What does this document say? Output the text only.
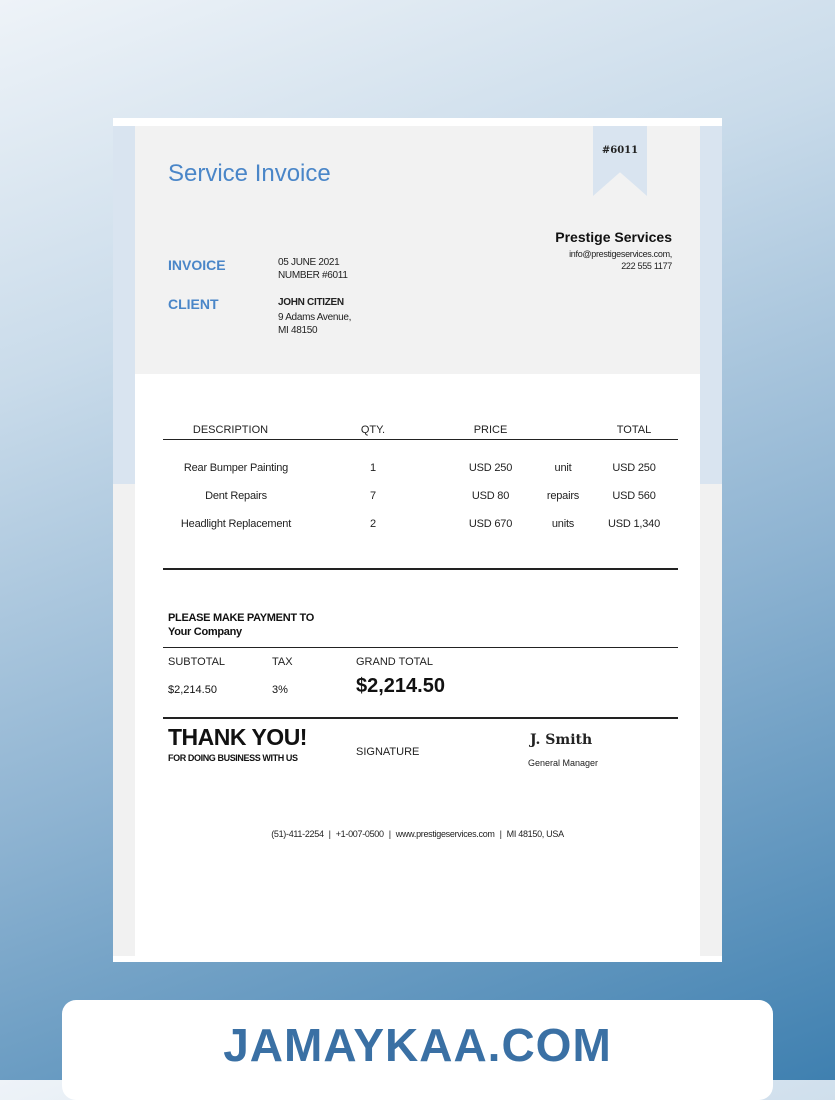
#6011
Service Invoice
INVOICE	05 JUNE 2021
NUMBER #6011
CLIENT	JOHN CITIZEN
9 Adams Avenue,
MI 48150
Prestige Services
info@prestigeservices.com,
222 555 1177
DESCRIPTION	QTY.	PRICE	TOTAL
Rear Bumper Painting	1	USD 250	unit	USD 250
Dent Repairs	7	USD 80	repairs	USD 560
Headlight Replacement	2	USD 670	units	USD 1,340
PLEASE MAKE PAYMENT TO
Your Company
SUBTOTAL	TAX	GRAND TOTAL
$2,214.50	3%	$2,214.50
THANK YOU!
FOR DOING BUSINESS WITH US	SIGNATURE
J. Smith
General Manager
(51)-411-2254 | +1-007-0500 | www.prestigeservices.com | MI 48150, USA
JAMAYKAA.COM
